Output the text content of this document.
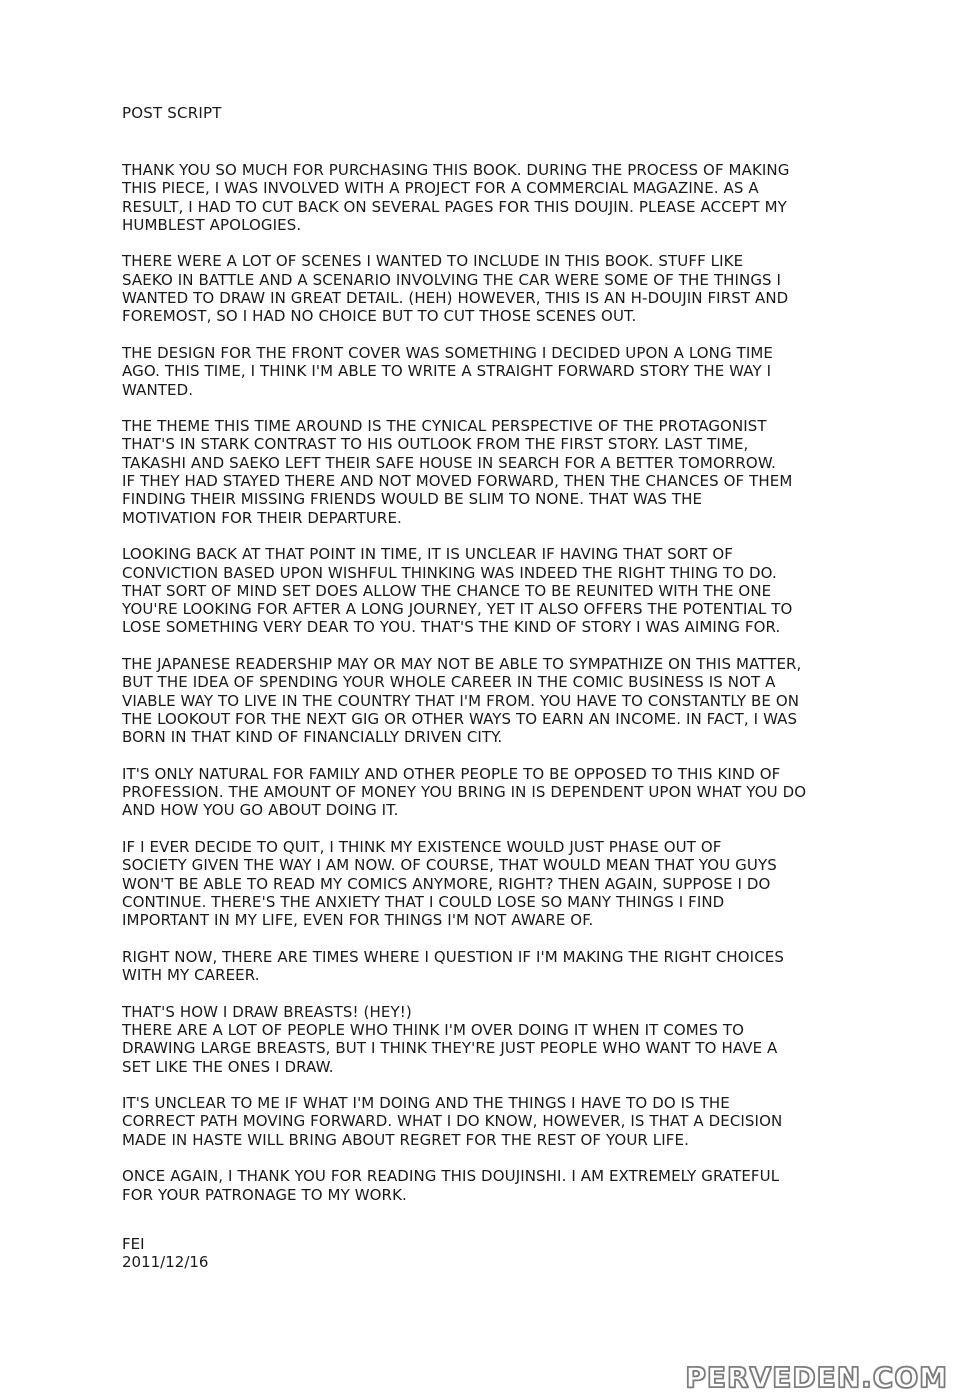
POST SCRIPT

THANK YOU SO MUCH FOR PURCHASING THIS BOOK. DURING THE PROCESS OF MAKING
THIS PIECE, I WAS INVOLVED WITH A PROJECT FOR A COMMERCIAL MAGAZINE. AS A
RESULT, I HAD TO CUT BACK ON SEVERAL PAGES FOR THIS DOUJIN. PLEASE ACCEPT MY
HUMBLEST APOLOGIES.

THERE WERE A LOT OF SCENES I WANTED TO INCLUDE IN THIS BOOK. STUFF LIKE
SAEKO IN BATTLE AND A SCENARIO INVOLVING THE CAR WERE SOME OF THE THINGS I
WANTED TO DRAW IN GREAT DETAIL. (HEH) HOWEVER, THIS IS AN H-DOUJIN FIRST AND
FOREMOST, SO I HAD NO CHOICE BUT TO CUT THOSE SCENES OUT.

THE DESIGN FOR THE FRONT COVER WAS SOMETHING I DECIDED UPON A LONG TIME
AGO. THIS TIME, I THINK I'M ABLE TO WRITE A STRAIGHT FORWARD STORY THE WAY I
WANTED.

THE THEME THIS TIME AROUND IS THE CYNICAL PERSPECTIVE OF THE PROTAGONIST
THAT'S IN STARK CONTRAST TO HIS OUTLOOK FROM THE FIRST STORY. LAST TIME,
TAKASHI AND SAEKO LEFT THEIR SAFE HOUSE IN SEARCH FOR A BETTER TOMORROW.
IF THEY HAD STAYED THERE AND NOT MOVED FORWARD, THEN THE CHANCES OF THEM
FINDING THEIR MISSING FRIENDS WOULD BE SLIM TO NONE. THAT WAS THE
MOTIVATION FOR THEIR DEPARTURE.

LOOKING BACK AT THAT POINT IN TIME, IT IS UNCLEAR IF HAVING THAT SORT OF
CONVICTION BASED UPON WISHFUL THINKING WAS INDEED THE RIGHT THING TO DO.
THAT SORT OF MIND SET DOES ALLOW THE CHANCE TO BE REUNITED WITH THE ONE
YOU'RE LOOKING FOR AFTER A LONG JOURNEY, YET IT ALSO OFFERS THE POTENTIAL TO
LOSE SOMETHING VERY DEAR TO YOU. THAT'S THE KIND OF STORY I WAS AIMING FOR.

THE JAPANESE READERSHIP MAY OR MAY NOT BE ABLE TO SYMPATHIZE ON THIS MATTER,
BUT THE IDEA OF SPENDING YOUR WHOLE CAREER IN THE COMIC BUSINESS IS NOT A
VIABLE WAY TO LIVE IN THE COUNTRY THAT I'M FROM. YOU HAVE TO CONSTANTLY BE ON
THE LOOKOUT FOR THE NEXT GIG OR OTHER WAYS TO EARN AN INCOME. IN FACT, I WAS
BORN IN THAT KIND OF FINANCIALLY DRIVEN CITY.

IT'S ONLY NATURAL FOR FAMILY AND OTHER PEOPLE TO BE OPPOSED TO THIS KIND OF
PROFESSION. THE AMOUNT OF MONEY YOU BRING IN IS DEPENDENT UPON WHAT YOU DO
AND HOW YOU GO ABOUT DOING IT.

IF I EVER DECIDE TO QUIT, I THINK MY EXISTENCE WOULD JUST PHASE OUT OF
SOCIETY GIVEN THE WAY I AM NOW. OF COURSE, THAT WOULD MEAN THAT YOU GUYS
WON'T BE ABLE TO READ MY COMICS ANYMORE, RIGHT? THEN AGAIN, SUPPOSE I DO
CONTINUE. THERE'S THE ANXIETY THAT I COULD LOSE SO MANY THINGS I FIND
IMPORTANT IN MY LIFE, EVEN FOR THINGS I'M NOT AWARE OF.

RIGHT NOW, THERE ARE TIMES WHERE I QUESTION IF I'M MAKING THE RIGHT CHOICES
WITH MY CAREER.

THAT'S HOW I DRAW BREASTS! (HEY!)
THERE ARE A LOT OF PEOPLE WHO THINK I'M OVER DOING IT WHEN IT COMES TO
DRAWING LARGE BREASTS, BUT I THINK THEY'RE JUST PEOPLE WHO WANT TO HAVE A
SET LIKE THE ONES I DRAW.

IT'S UNCLEAR TO ME IF WHAT I'M DOING AND THE THINGS I HAVE TO DO IS THE
CORRECT PATH MOVING FORWARD. WHAT I DO KNOW, HOWEVER, IS THAT A DECISION
MADE IN HASTE WILL BRING ABOUT REGRET FOR THE REST OF YOUR LIFE.

ONCE AGAIN, I THANK YOU FOR READING THIS DOUJINSHI. I AM EXTREMELY GRATEFUL
FOR YOUR PATRONAGE TO MY WORK.

FEI
2011/12/16
PERVEDEN.COM
